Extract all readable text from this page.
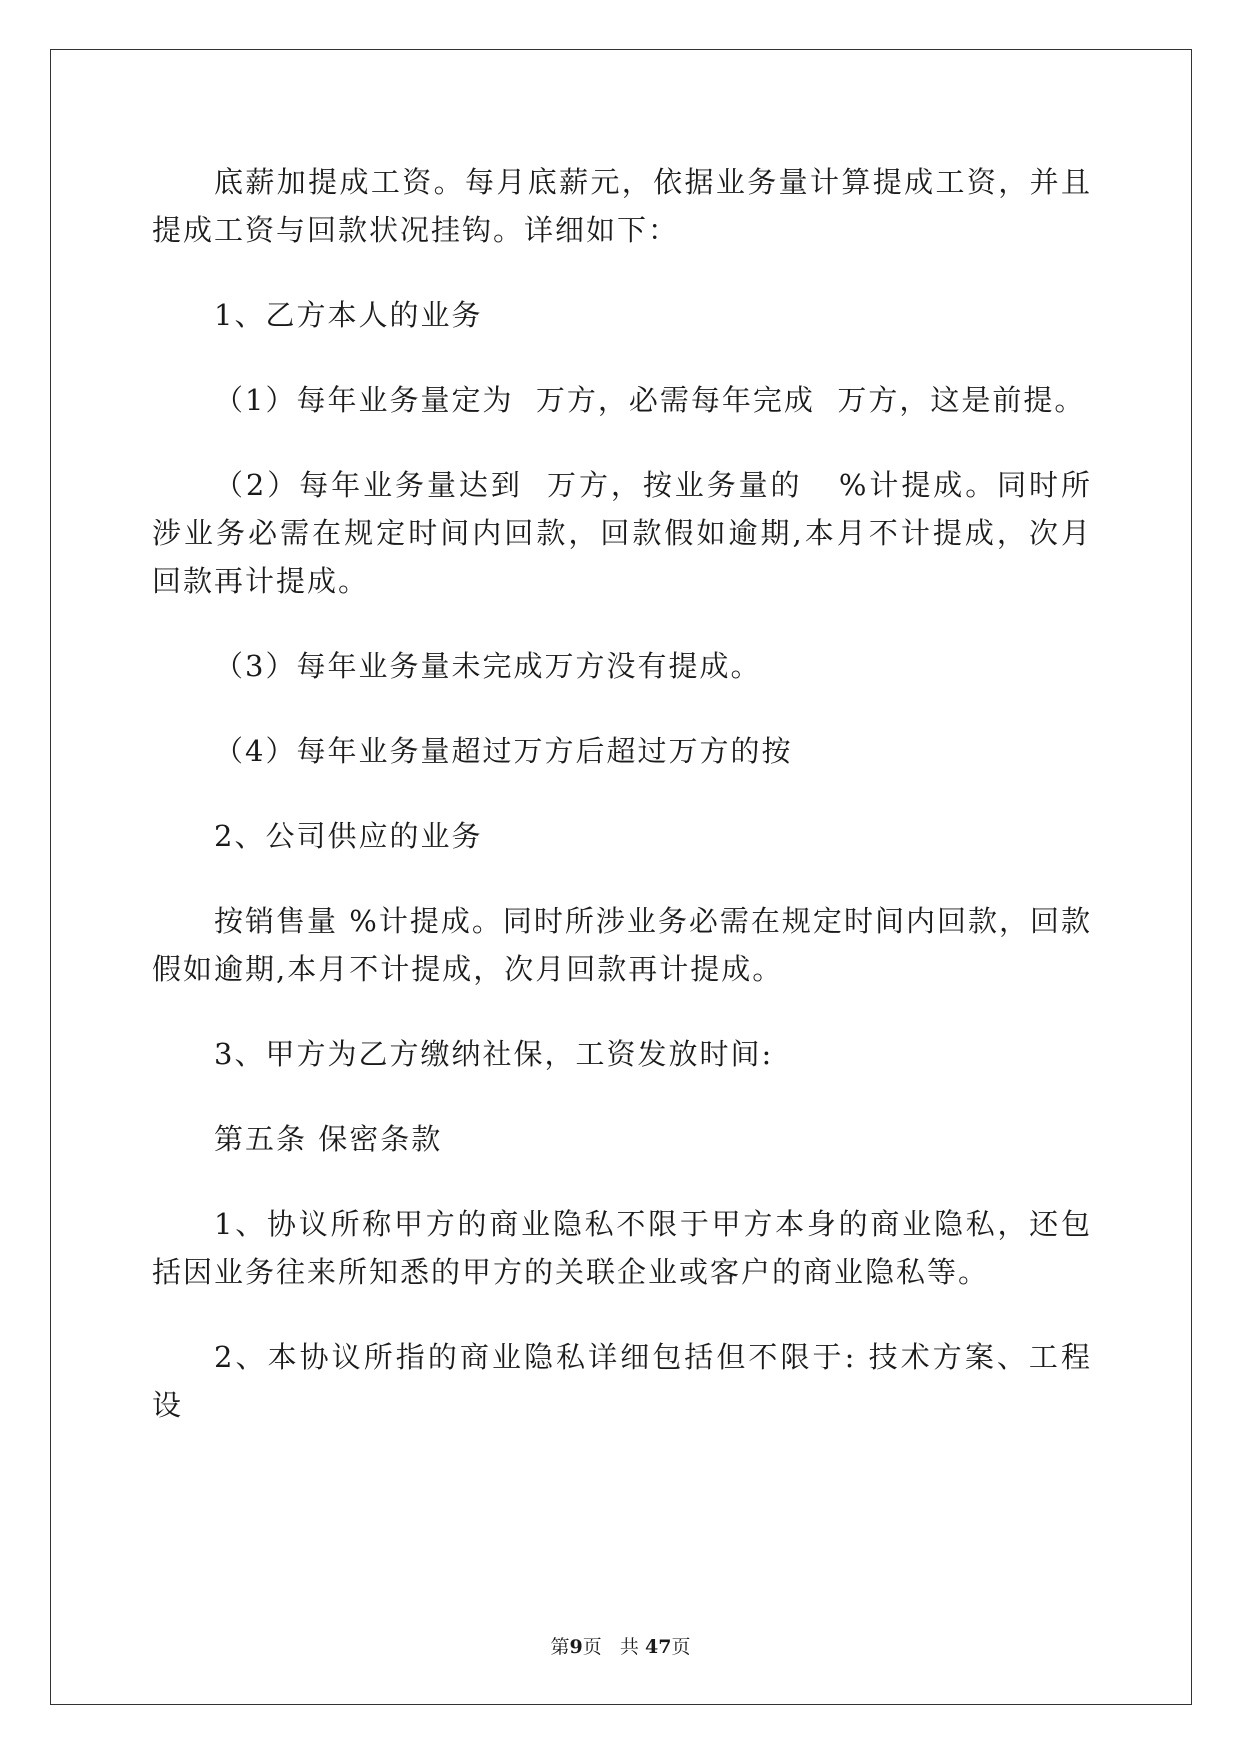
底薪加提成工资。每月底薪元，依据业务量计算提成工资，并且提成工资与回款状况挂钩。详细如下：

1、乙方本人的业务

（1）每年业务量定为  万方，必需每年完成  万方，这是前提。

（2）每年业务量达到  万方，按业务量的   %计提成。同时所涉业务必需在规定时间内回款，回款假如逾期,本月不计提成，次月回款再计提成。

（3）每年业务量未完成万方没有提成。

（4）每年业务量超过万方后超过万方的按

2、公司供应的业务

按销售量 %计提成。同时所涉业务必需在规定时间内回款，回款假如逾期,本月不计提成，次月回款再计提成。

3、甲方为乙方缴纳社保，工资发放时间:

第五条 保密条款

1、协议所称甲方的商业隐私不限于甲方本身的商业隐私，还包括因业务往来所知悉的甲方的关联企业或客户的商业隐私等。

2、本协议所指的商业隐私详细包括但不限于: 技术方案、工程设

第9页 共 47页
